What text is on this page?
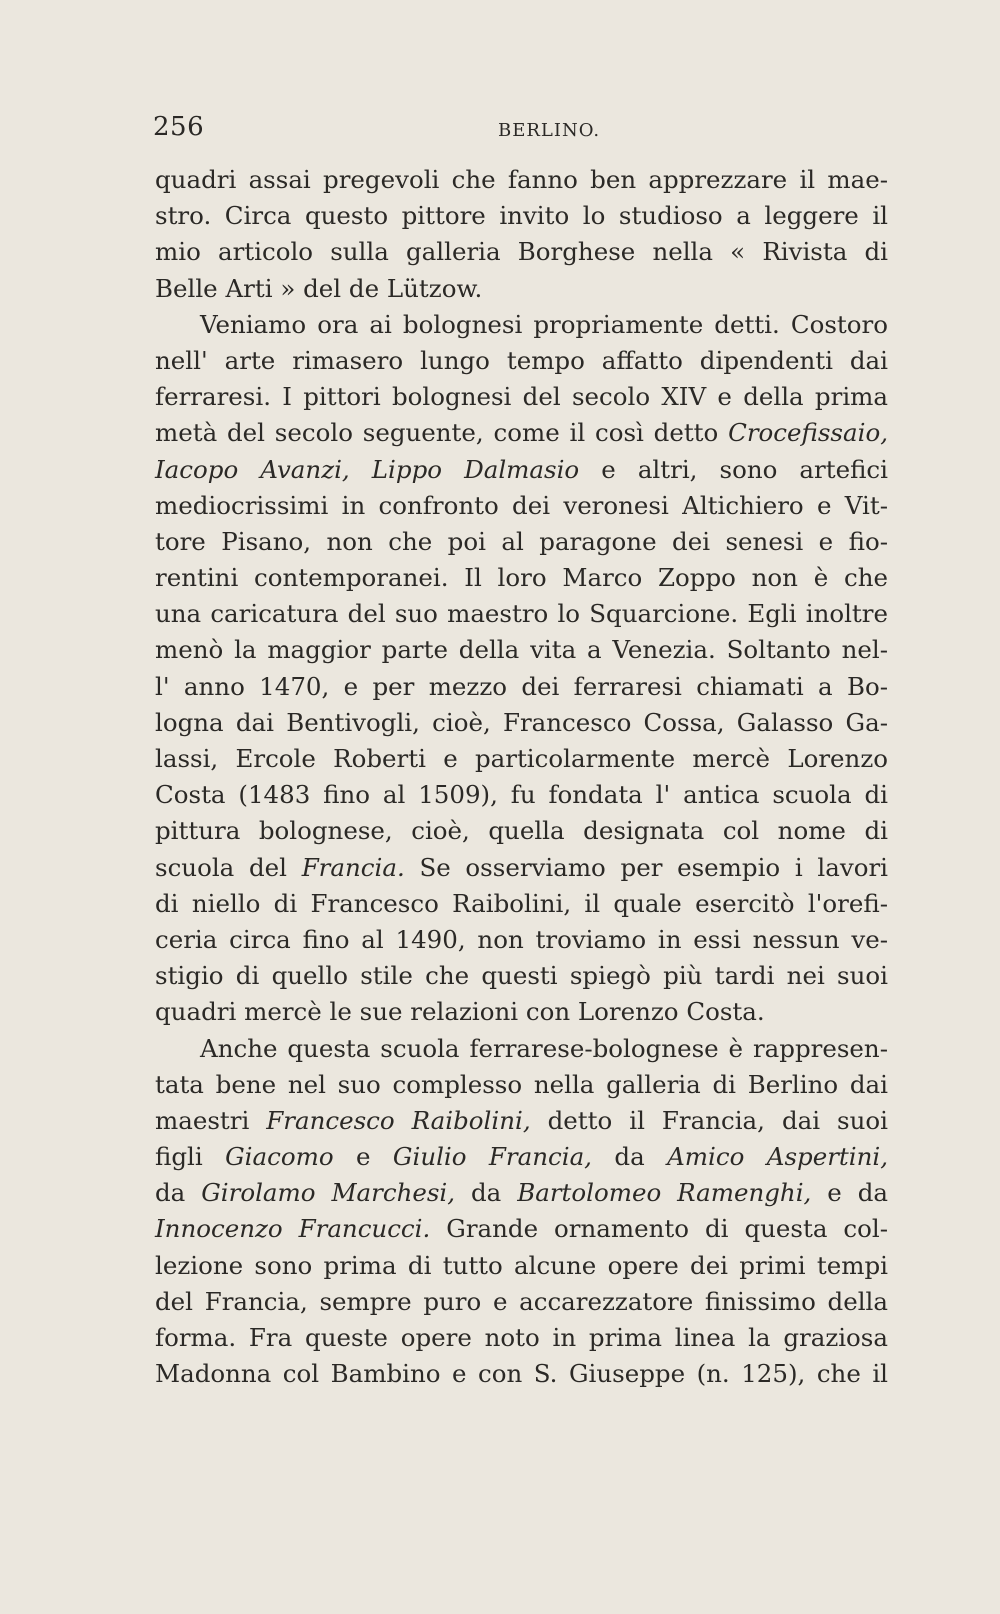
256	BERLINO.
quadri assai pregevoli che fanno ben apprezzare il mae-
stro. Circa questo pittore invito lo studioso a leggere il
mio articolo sulla galleria Borghese nella « Rivista di
Belle Arti » del de Lützow.
Veniamo ora ai bolognesi propriamente detti. Costoro
nell' arte rimasero lungo tempo affatto dipendenti dai
ferraresi. I pittori bolognesi del secolo XIV e della prima
metà del secolo seguente, come il così detto Crocefissaio,
Iacopo Avanzi, Lippo Dalmasio e altri, sono artefici
mediocrissimi in confronto dei veronesi Altichiero e Vit-
tore Pisano, non che poi al paragone dei senesi e fio-
rentini contemporanei. Il loro Marco Zoppo non è che
una caricatura del suo maestro lo Squarcione. Egli inoltre
menò la maggior parte della vita a Venezia. Soltanto nel-
l' anno 1470, e per mezzo dei ferraresi chiamati a Bo-
logna dai Bentivogli, cioè, Francesco Cossa, Galasso Ga-
lassi, Ercole Roberti e particolarmente mercè Lorenzo
Costa (1483 fino al 1509), fu fondata l' antica scuola di
pittura bolognese, cioè, quella designata col nome di
scuola del Francia. Se osserviamo per esempio i lavori
di niello di Francesco Raibolini, il quale esercitò l'orefi-
ceria circa fino al 1490, non troviamo in essi nessun ve-
stigio di quello stile che questi spiegò più tardi nei suoi
quadri mercè le sue relazioni con Lorenzo Costa.
Anche questa scuola ferrarese-bolognese è rappresen-
tata bene nel suo complesso nella galleria di Berlino dai
maestri Francesco Raibolini, detto il Francia, dai suoi
figli Giacomo e Giulio Francia, da Amico Aspertini,
da Girolamo Marchesi, da Bartolomeo Ramenghi, e da
Innocenzo Francucci. Grande ornamento di questa col-
lezione sono prima di tutto alcune opere dei primi tempi
del Francia, sempre puro e accarezzatore finissimo della
forma. Fra queste opere noto in prima linea la graziosa
Madonna col Bambino e con S. Giuseppe (n. 125), che il
